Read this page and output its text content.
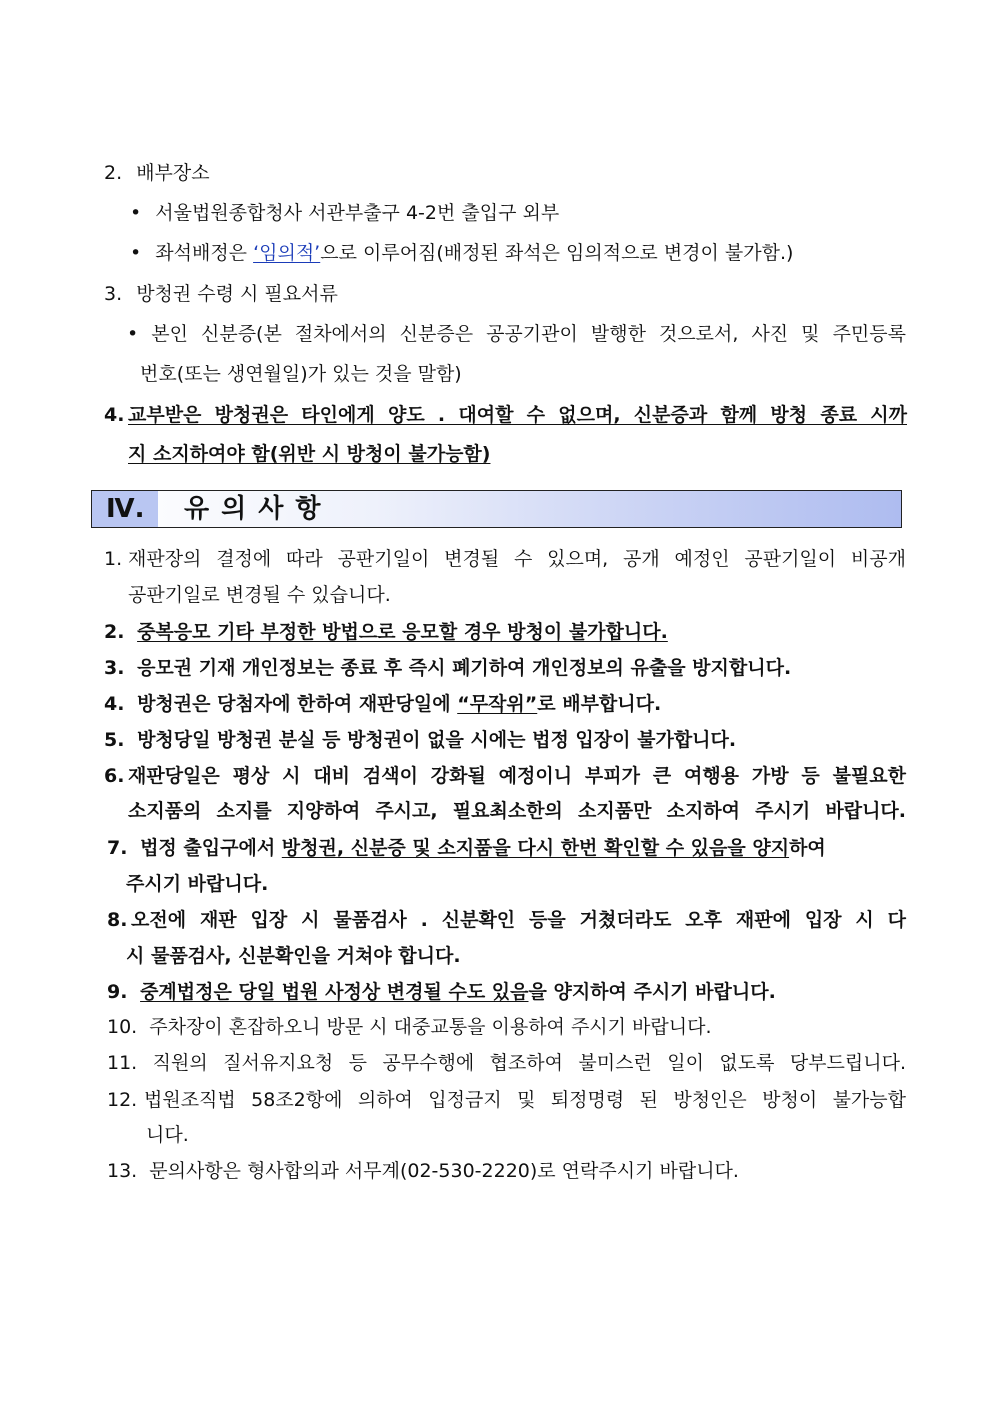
2. 배부장소
• 서울법원종합청사 서관부출구 4-2번 출입구 외부
• 좌석배정은 ‘임의적’으로 이루어짐(배정된 좌석은 임의적으로 변경이 불가함.)
3. 방청권 수령 시 필요서류
• 본인 신분증(본 절차에서의 신분증은 공공기관이 발행한 것으로서, 사진 및 주민등록
번호(또는 생연월일)가 있는 것을 말함)
4. 교부받은 방청권은 타인에게 양도 . 대여할 수 없으며, 신분증과 함께 방청 종료 시까
지 소지하여야 함(위반 시 방청이 불가능함)
Ⅳ.	유의사항
1. 재판장의 결정에 따라 공판기일이 변경될 수 있으며, 공개 예정인 공판기일이 비공개
공판기일로 변경될 수 있습니다.
2. 중복응모 기타 부정한 방법으로 응모할 경우 방청이 불가합니다.
3. 응모권 기재 개인정보는 종료 후 즉시 폐기하여 개인정보의 유출을 방지합니다.
4. 방청권은 당첨자에 한하여 재판당일에 “무작위”로 배부합니다.
5. 방청당일 방청권 분실 등 방청권이 없을 시에는 법정 입장이 불가합니다.
6. 재판당일은 평상 시 대비 검색이 강화될 예정이니 부피가 큰 여행용 가방 등 불필요한
소지품의 소지를 지양하여 주시고, 필요최소한의 소지품만 소지하여 주시기 바랍니다.
7. 법정 출입구에서 방청권, 신분증 및 소지품을 다시 한번 확인할 수 있음을 양지하여
주시기 바랍니다.
8. 오전에 재판 입장 시 물품검사 . 신분확인 등을 거쳤더라도 오후 재판에 입장 시 다
시 물품검사, 신분확인을 거쳐야 합니다.
9. 중계법정은 당일 법원 사정상 변경될 수도 있음을 양지하여 주시기 바랍니다.
10. 주차장이 혼잡하오니 방문 시 대중교통을 이용하여 주시기 바랍니다.
11. 직원의 질서유지요청 등 공무수행에 협조하여 불미스런 일이 없도록 당부드립니다.
12. 법원조직법 58조2항에 의하여 입정금지 및 퇴정명령 된 방청인은 방청이 불가능합
니다.
13. 문의사항은 형사합의과 서무계(02-530-2220)로 연락주시기 바랍니다.
